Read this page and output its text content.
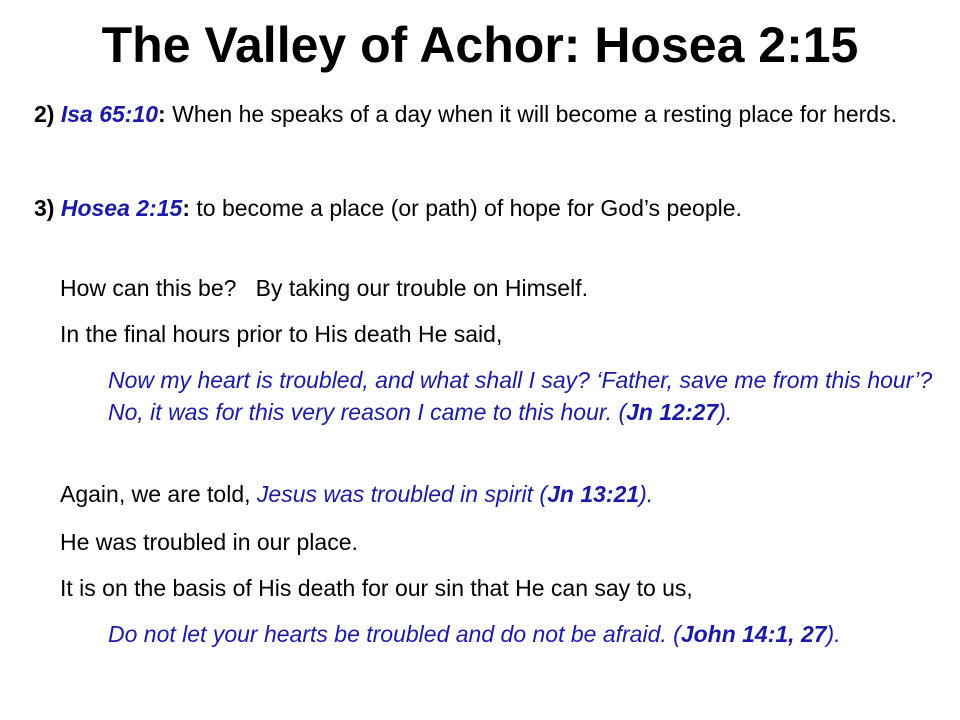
The Valley of Achor: Hosea 2:15

2) Isa 65:10: When he speaks of a day when it will become a resting place for herds.

3) Hosea 2:15: to become a place (or path) of hope for God’s people.

How can this be?   By taking our trouble on Himself.

In the final hours prior to His death He said,

Now my heart is troubled, and what shall I say? ‘Father, save me from this hour’? No, it was for this very reason I came to this hour. (Jn 12:27).

Again, we are told, Jesus was troubled in spirit (Jn 13:21).

He was troubled in our place.

It is on the basis of His death for our sin that He can say to us,

Do not let your hearts be troubled and do not be afraid. (John 14:1, 27).
